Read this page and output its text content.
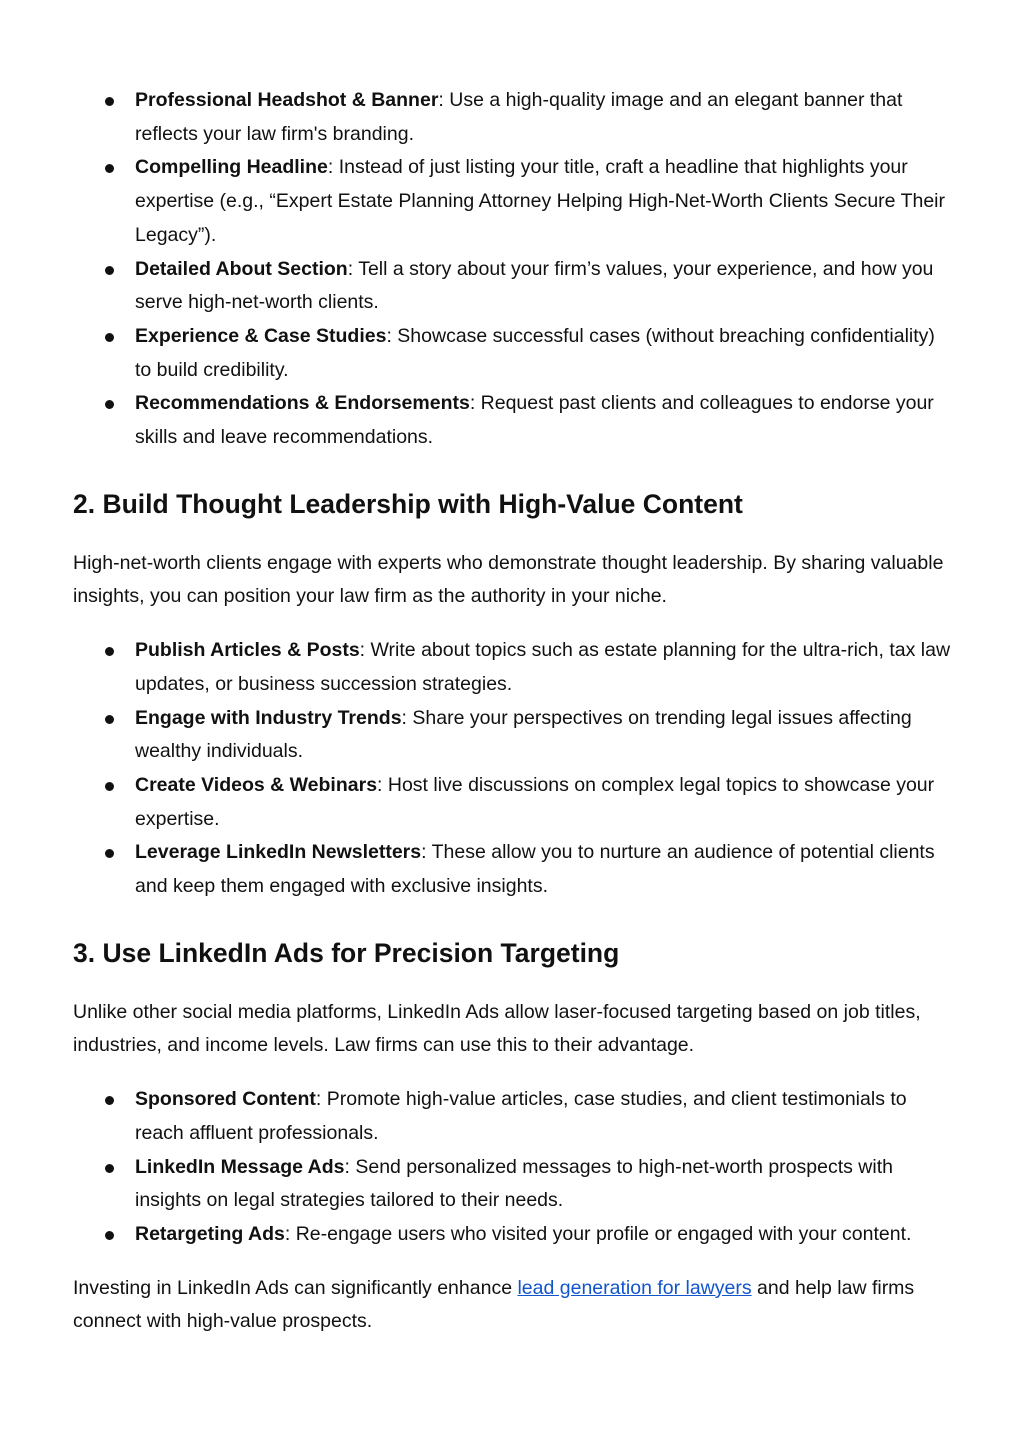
Professional Headshot & Banner: Use a high-quality image and an elegant banner that reflects your law firm's branding.
Compelling Headline: Instead of just listing your title, craft a headline that highlights your expertise (e.g., “Expert Estate Planning Attorney Helping High-Net-Worth Clients Secure Their Legacy”).
Detailed About Section: Tell a story about your firm’s values, your experience, and how you serve high-net-worth clients.
Experience & Case Studies: Showcase successful cases (without breaching confidentiality) to build credibility.
Recommendations & Endorsements: Request past clients and colleagues to endorse your skills and leave recommendations.
2. Build Thought Leadership with High-Value Content

High-net-worth clients engage with experts who demonstrate thought leadership. By sharing valuable insights, you can position your law firm as the authority in your niche.

Publish Articles & Posts: Write about topics such as estate planning for the ultra-rich, tax law updates, or business succession strategies.
Engage with Industry Trends: Share your perspectives on trending legal issues affecting wealthy individuals.
Create Videos & Webinars: Host live discussions on complex legal topics to showcase your expertise.
Leverage LinkedIn Newsletters: These allow you to nurture an audience of potential clients and keep them engaged with exclusive insights.
3. Use LinkedIn Ads for Precision Targeting

Unlike other social media platforms, LinkedIn Ads allow laser-focused targeting based on job titles, industries, and income levels. Law firms can use this to their advantage.

Sponsored Content: Promote high-value articles, case studies, and client testimonials to reach affluent professionals.
LinkedIn Message Ads: Send personalized messages to high-net-worth prospects with insights on legal strategies tailored to their needs.
Retargeting Ads: Re-engage users who visited your profile or engaged with your content.

Investing in LinkedIn Ads can significantly enhance lead generation for lawyers and help law firms connect with high-value prospects.
